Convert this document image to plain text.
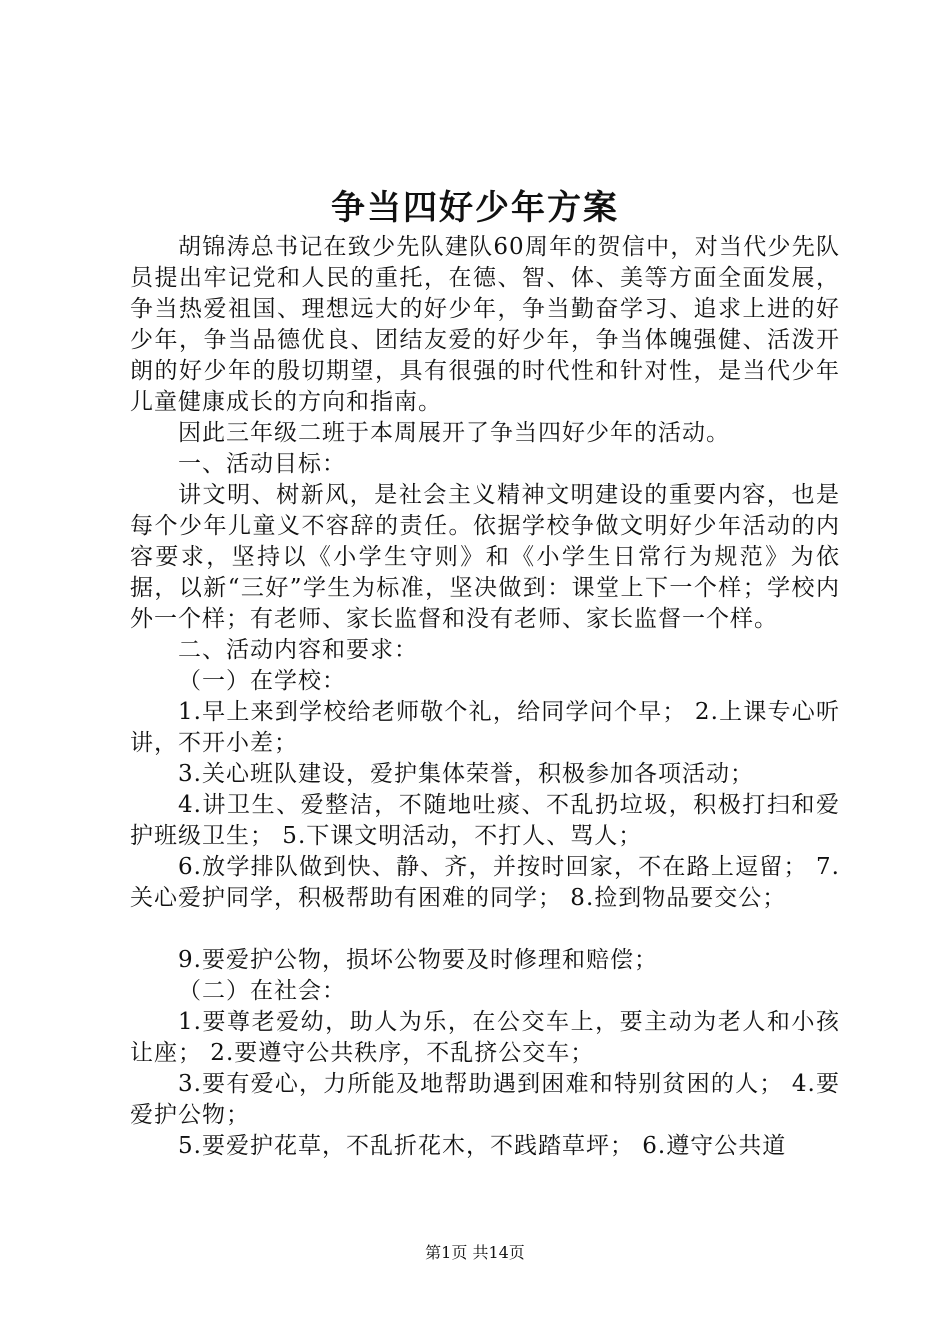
争当四好少年方案

胡锦涛总书记在致少先队建队60周年的贺信中，对当代少先队员提出牢记党和人民的重托，在德、智、体、美等方面全面发展，争当热爱祖国、理想远大的好少年，争当勤奋学习、追求上进的好少年，争当品德优良、团结友爱的好少年，争当体魄强健、活泼开朗的好少年的殷切期望，具有很强的时代性和针对性，是当代少年儿童健康成长的方向和指南。

因此三年级二班于本周展开了争当四好少年的活动。

一、活动目标：

讲文明、树新风，是社会主义精神文明建设的重要内容，也是每个少年儿童义不容辞的责任。依据学校争做文明好少年活动的内容要求，坚持以《小学生守则》和《小学生日常行为规范》为依据，以新“三好”学生为标准，坚决做到：课堂上下一个样；学校内外一个样；有老师、家长监督和没有老师、家长监督一个样。

二、活动内容和要求：

（一）在学校：

1.早上来到学校给老师敬个礼，给同学问个早； 2.上课专心听讲，不开小差；

3.关心班队建设，爱护集体荣誉，积极参加各项活动；

4.讲卫生、爱整洁，不随地吐痰、不乱扔垃圾，积极打扫和爱护班级卫生； 5.下课文明活动，不打人、骂人；

6.放学排队做到快、静、齐，并按时回家，不在路上逗留； 7.关心爱护同学，积极帮助有困难的同学； 8.捡到物品要交公；

9.要爱护公物，损坏公物要及时修理和赔偿；

（二）在社会：

1.要尊老爱幼，助人为乐，在公交车上，要主动为老人和小孩让座； 2.要遵守公共秩序，不乱挤公交车；

3.要有爱心，力所能及地帮助遇到困难和特别贫困的人； 4.要爱护公物；

5.要爱护花草，不乱折花木，不践踏草坪； 6.遵守公共道

第1页 共14页
